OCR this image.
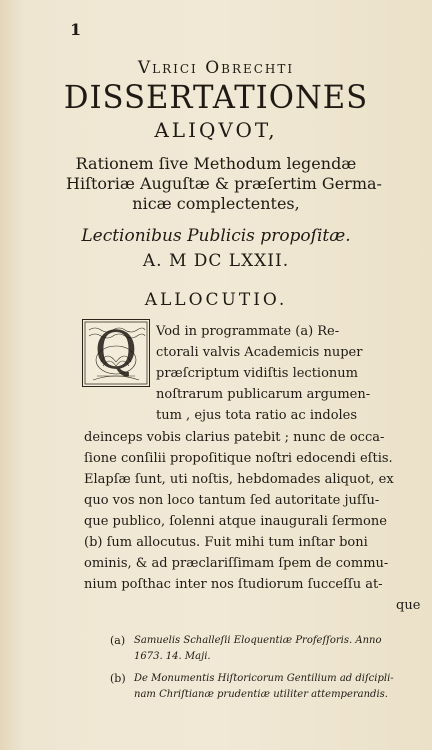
1
Vlrici Obrechti
DISSERTATIONES
ALIQVOT,
Rationem ſive Methodum legendæ
Hiſtoriæ Auguſtæ & præſertim Germa-
nicæ complectentes,
Lectionibus Publicis propoſitæ.
A. M DC LXXII.
ALLOCUTIO.
Q Vod in programmate (a) Re-
ctorali valvis Academicis nuper
præſcriptum vidiſtis lectionum
noſtrarum publicarum argumen-
tum , ejus tota ratio ac indoles
deinceps vobis clarius patebit ; nunc de occa-
ſione conſilii propoſitique noſtri edocendi eſtis.
Elapſæ ſunt, uti noſtis, hebdomades aliquot, ex
quo vos non loco tantum ſed autoritate juſſu-
que publico, ſolenni atque inaugurali ſermone
(b) ſum allocutus. Fuit mihi tum inſtar boni
ominis, & ad præclariſſimam ſpem de commu-
nium poſthac inter nos ſtudiorum ſucceſſu at-
que
(a) Samuelis Schalleſii Eloquentiæ Profeſſoris. Anno
1673. 14. Maji.
(b) De Monumentis Hiſtoricorum Gentilium ad diſcipli-
nam Chriſtianæ prudentiæ utiliter attemperandis.
